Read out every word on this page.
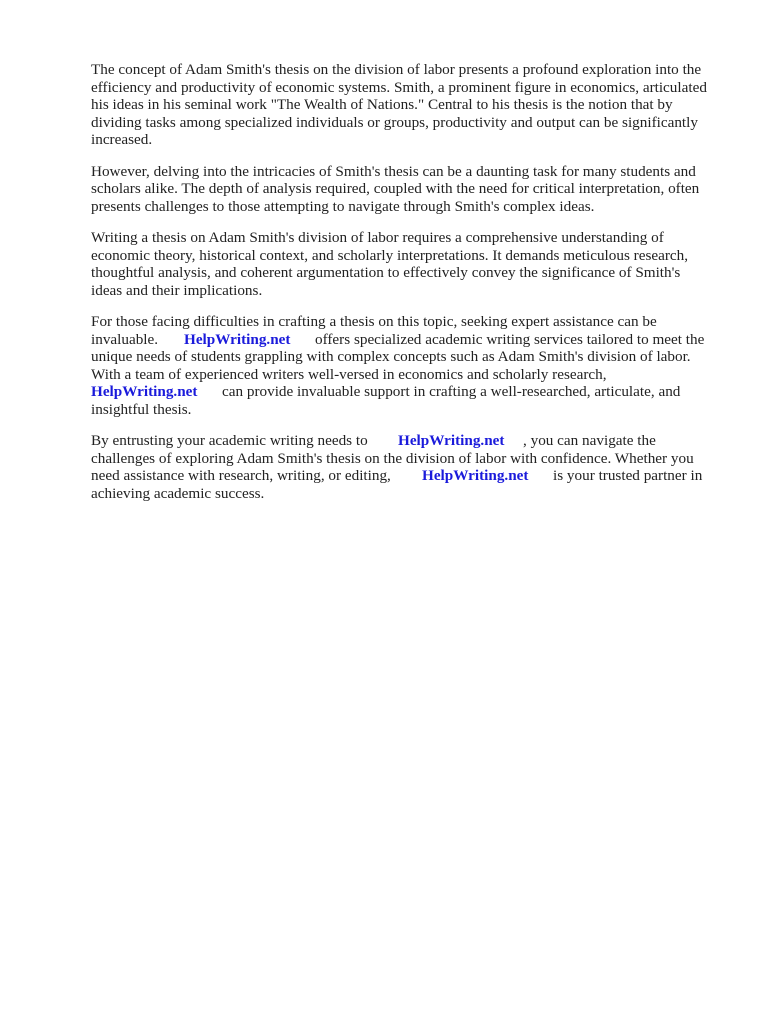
The concept of Adam Smith's thesis on the division of labor presents a profound exploration into the
efficiency and productivity of economic systems. Smith, a prominent figure in economics, articulated
his ideas in his seminal work "The Wealth of Nations." Central to his thesis is the notion that by
dividing tasks among specialized individuals or groups, productivity and output can be significantly
increased.
However, delving into the intricacies of Smith's thesis can be a daunting task for many students and
scholars alike. The depth of analysis required, coupled with the need for critical interpretation, often
presents challenges to those attempting to navigate through Smith's complex ideas.
Writing a thesis on Adam Smith's division of labor requires a comprehensive understanding of
economic theory, historical context, and scholarly interpretations. It demands meticulous research,
thoughtful analysis, and coherent argumentation to effectively convey the significance of Smith's
ideas and their implications.
For those facing difficulties in crafting a thesis on this topic, seeking expert assistance can be
invaluable. HelpWriting.net offers specialized academic writing services tailored to meet the
unique needs of students grappling with complex concepts such as Adam Smith's division of labor.
With a team of experienced writers well-versed in economics and scholarly research,
HelpWriting.net can provide invaluable support in crafting a well-researched, articulate, and
insightful thesis.
By entrusting your academic writing needs to HelpWriting.net , you can navigate the
challenges of exploring Adam Smith's thesis on the division of labor with confidence. Whether you
need assistance with research, writing, or editing, HelpWriting.net is your trusted partner in
achieving academic success.
